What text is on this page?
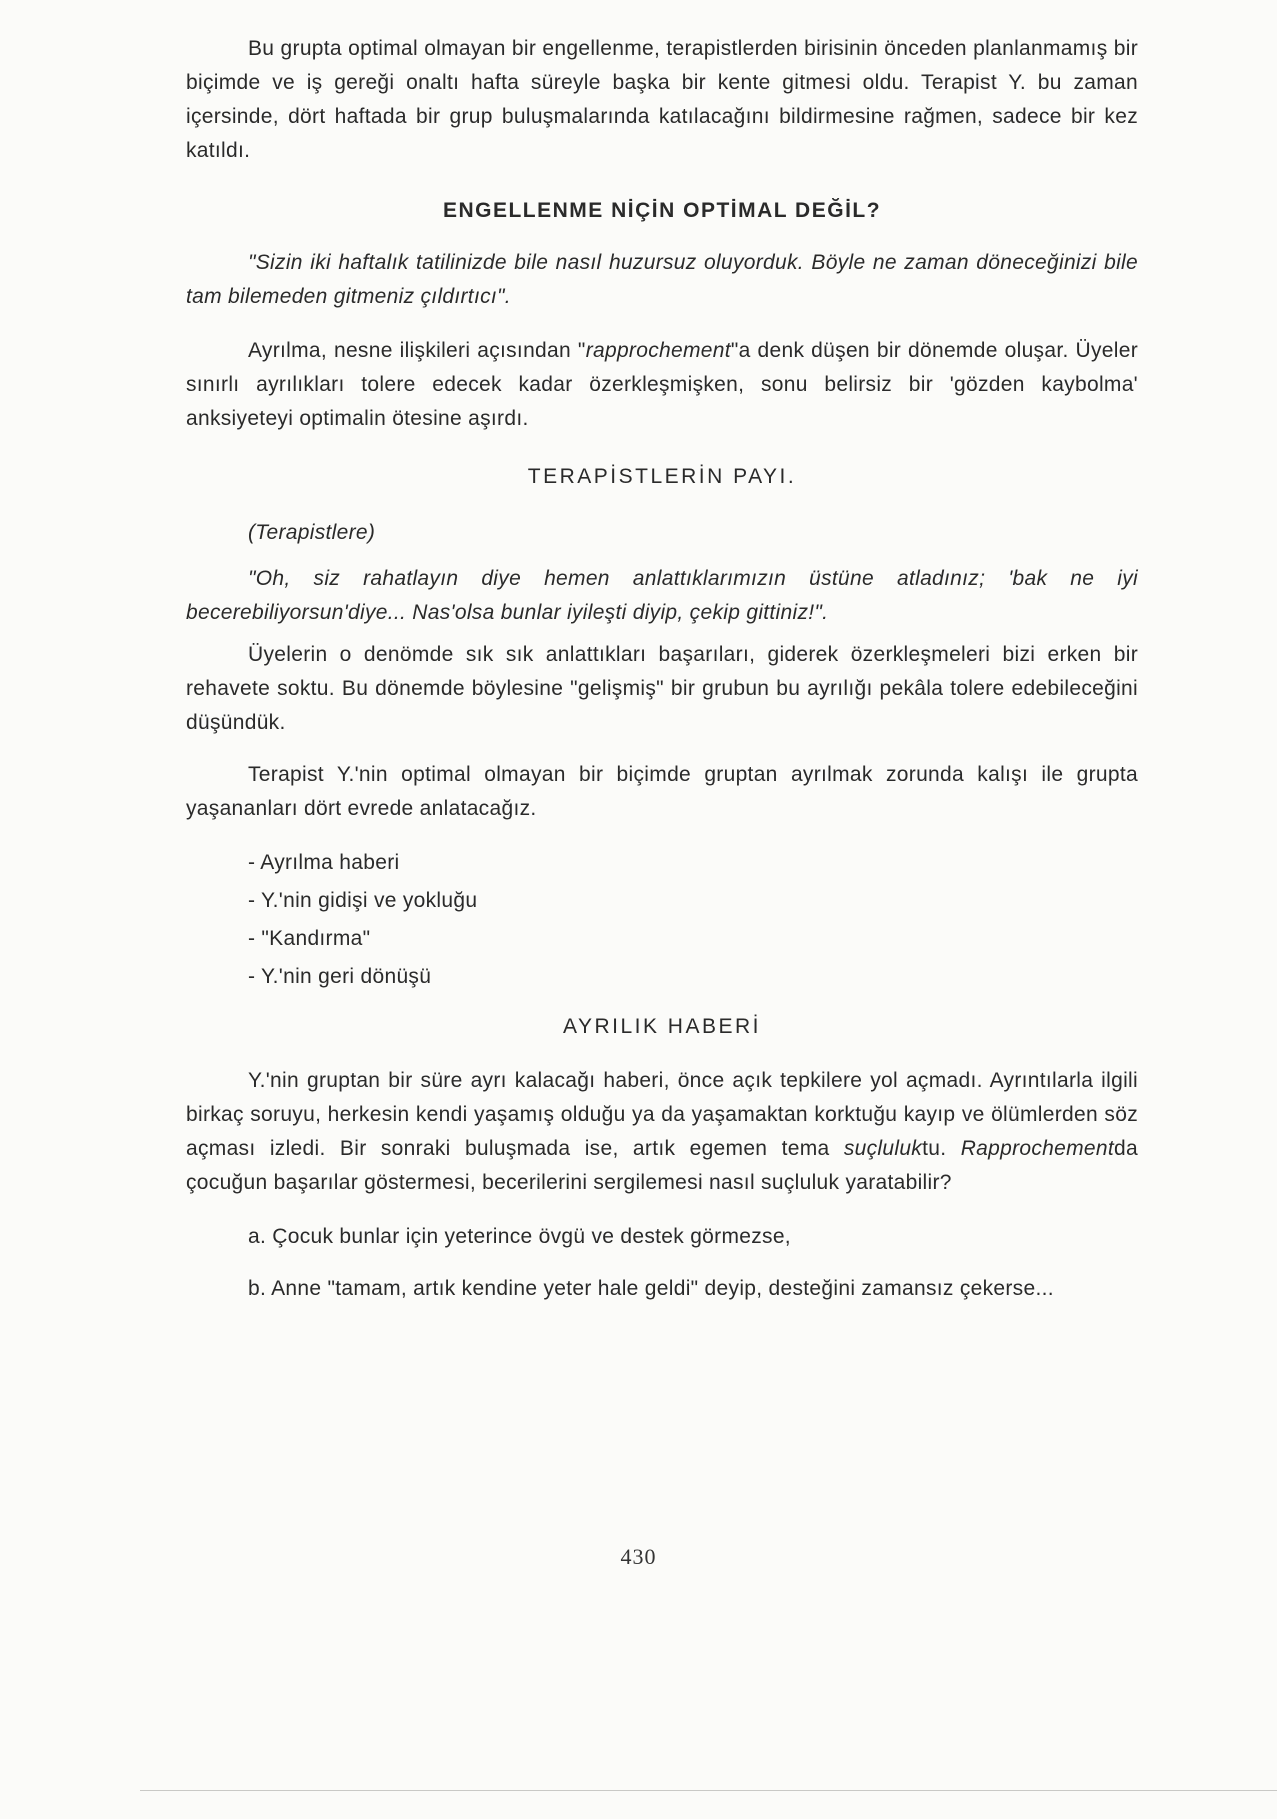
Bu grupta optimal olmayan bir engellenme, terapistlerden birisinin önceden planlanmamış bir biçimde ve iş gereği onaltı hafta süreyle başka bir kente gitmesi oldu. Terapist Y. bu zaman içersinde, dört haftada bir grup buluşmalarında katılacağını bildirmesine rağmen, sadece bir kez katıldı.

ENGELLENME NİÇİN OPTİMAL DEĞİL?

"Sizin iki haftalık tatilinizde bile nasıl huzursuz oluyorduk. Böyle ne zaman döneceğinizi bile tam bilemeden gitmeniz çıldırtıcı".

Ayrılma, nesne ilişkileri açısından "rapprochement"a denk düşen bir dönemde oluşar. Üyeler sınırlı ayrılıkları tolere edecek kadar özerkleşmişken, sonu belirsiz bir 'gözden kaybolma' anksiyeteyi optimalin ötesine aşırdı.

TERAPİSTLERİN PAYI.

(Terapistlere)

"Oh, siz rahatlayın diye hemen anlattıklarımızın üstüne atladınız; 'bak ne iyi becerebiliyorsun'diye... Nas'olsa bunlar iyileşti diyip, çekip gittiniz!".

Üyelerin o denömde sık sık anlattıkları başarıları, giderek özerkleşmeleri bizi erken bir rehavete soktu. Bu dönemde böylesine "gelişmiş" bir grubun bu ayrılığı pekâla tolere edebileceğini düşündük.

Terapist Y.'nin optimal olmayan bir biçimde gruptan ayrılmak zorunda kalışı ile grupta yaşananları dört evrede anlatacağız.

- Ayrılma haberi

- Y.'nin gidişi ve yokluğu

- "Kandırma"

- Y.'nin geri dönüşü

AYRILIK HABERİ

Y.'nin gruptan bir süre ayrı kalacağı haberi, önce açık tepkilere yol açmadı. Ayrıntılarla ilgili birkaç soruyu, herkesin kendi yaşamış olduğu ya da yaşamaktan korktuğu kayıp ve ölümlerden söz açması izledi. Bir sonraki buluşmada ise, artık egemen tema suçluluktu. Rapprochementda çocuğun başarılar göstermesi, becerilerini sergilemesi nasıl suçluluk yaratabilir?

a. Çocuk bunlar için yeterince övgü ve destek görmezse,

b. Anne "tamam, artık kendine yeter hale geldi" deyip, desteğini zamansız çekerse...

430
